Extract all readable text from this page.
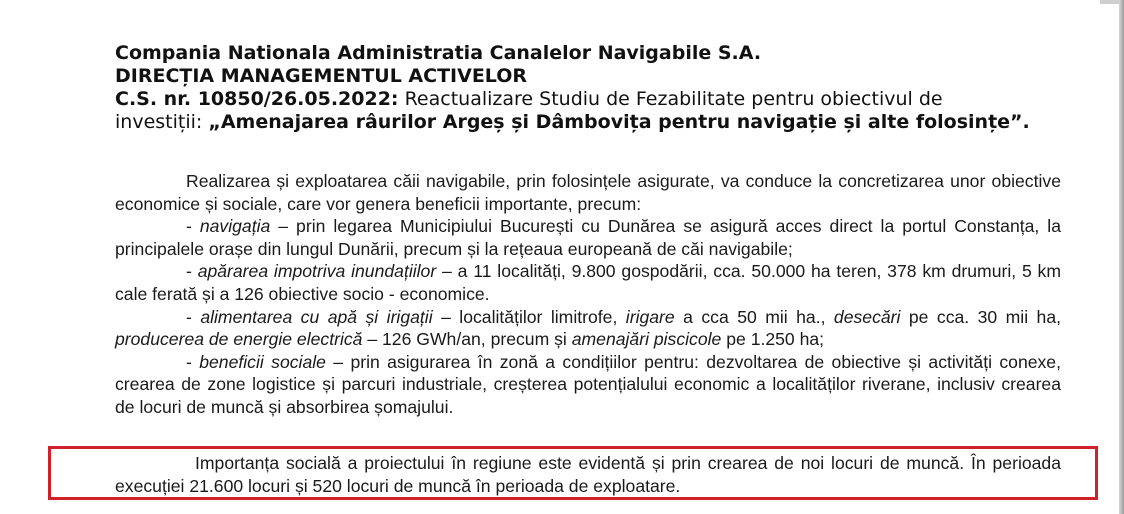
Compania Nationala Administratia Canalelor Navigabile S.A.
DIRECȚIA MANAGEMENTUL ACTIVELOR
C.S. nr. 10850/26.05.2022: Reactualizare Studiu de Fezabilitate pentru obiectivul de
investiții: „Amenajarea râurilor Argeș și Dâmbovița pentru navigație și alte folosințe”.

Realizarea și exploatarea căii navigabile, prin folosințele asigurate, va conduce la concretizarea unor obiective economice și sociale, care vor genera beneficii importante, precum:

- navigația – prin legarea Municipiului București cu Dunărea se asigură acces direct la portul Constanța, la principalele orașe din lungul Dunării, precum și la rețeaua europeană de căi navigabile;

- apărarea impotriva inundațiilor – a 11 localități, 9.800 gospodării, cca. 50.000 ha teren, 378 km drumuri, 5 km cale ferată și a 126 obiective socio - economice.

- alimentarea cu apă și irigații – localităților limitrofe, irigare a cca 50 mii ha., desecări pe cca. 30 mii ha, producerea de energie electrică – 126 GWh/an, precum și amenajări piscicole pe 1.250 ha;

- beneficii sociale – prin asigurarea în zonă a condițiilor pentru: dezvoltarea de obiective și activități conexe, crearea de zone logistice și parcuri industriale, creșterea potențialului economic a localităților riverane, inclusiv crearea de locuri de muncă și absorbirea șomajului.

Importanța socială a proiectului în regiune este evidentă și prin crearea de noi locuri de muncă. În perioada execuției 21.600 locuri și 520 locuri de muncă în perioada de exploatare.
